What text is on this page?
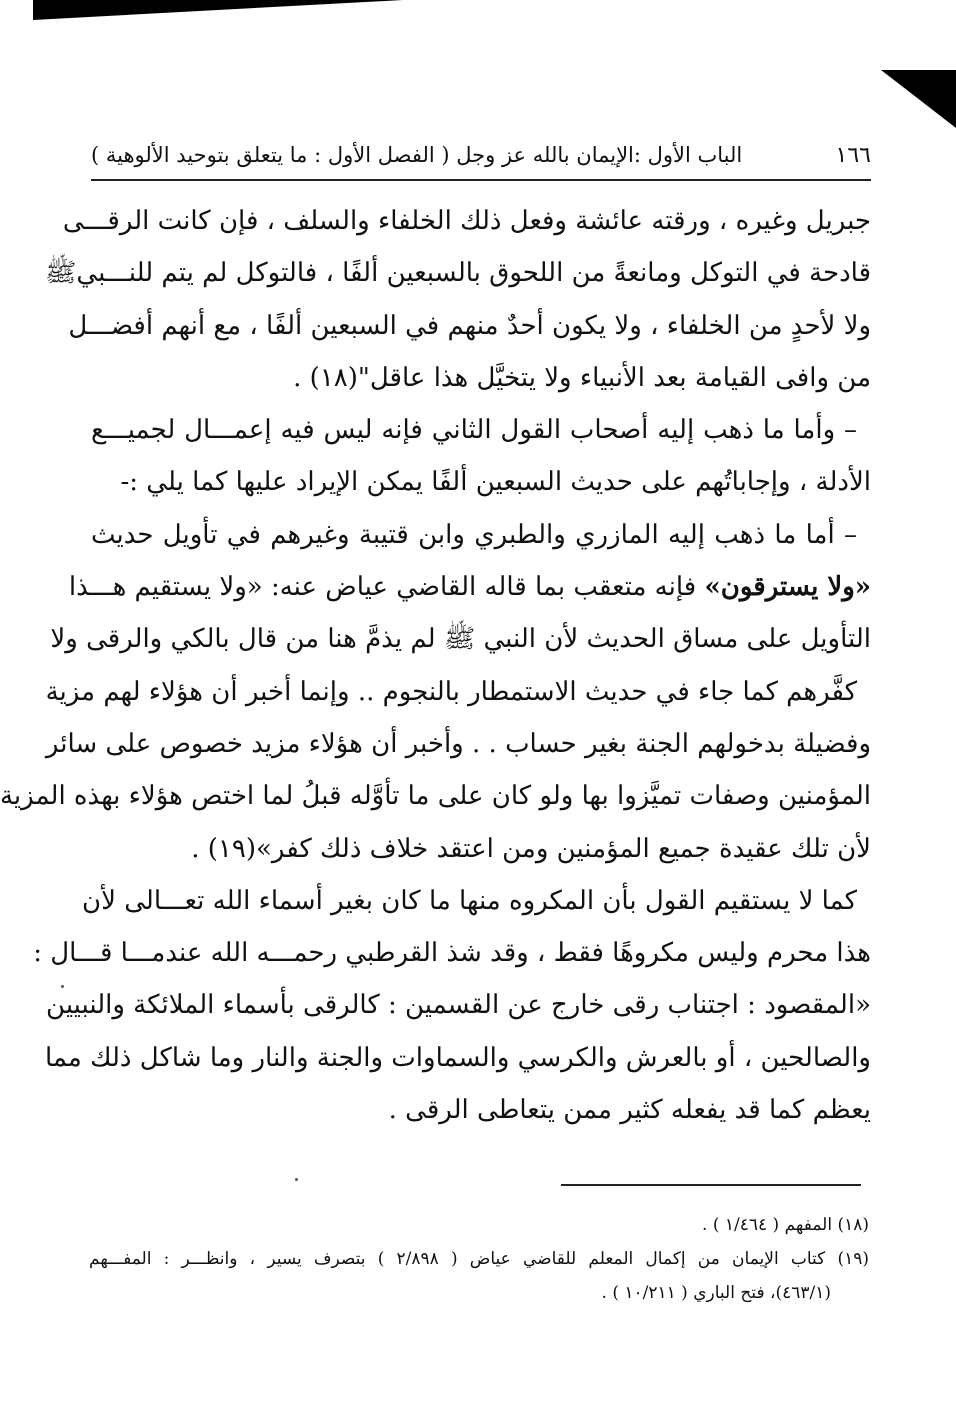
١٦٦
الباب الأول :الإيمان بالله عز وجل ( الفصل الأول : ما يتعلق بتوحيد الألوهية )
جبريل وغيره ، ورقته عائشة وفعل ذلك الخلفاء والسلف ، فإن كانت الرقـــى
قادحة في التوكل ومانعةً من اللحوق بالسبعين ألفًا ، فالتوكل لم يتم للنـــبيﷺ
ولا لأحدٍ من الخلفاء ، ولا يكون أحدٌ منهم في السبعين ألفًا ، مع أنهم أفضـــل
من وافى القيامة بعد الأنبياء ولا يتخيَّل هذا عاقل"(١٨) .
– وأما ما ذهب إليه أصحاب القول الثاني فإنه ليس فيه إعمـــال لجميـــع
الأدلة ، وإجاباتُهم على حديث السبعين ألفًا يمكن الإيراد عليها كما يلي :-
– أما ما ذهب إليه المازري والطبري وابن قتيبة وغيرهم في تأويل حديث
«ولا يسترقون» فإنه متعقب بما قاله القاضي عياض عنه: «ولا يستقيم هـــذا
التأويل على مساق الحديث لأن النبي ﷺ لم يذمَّ هنا من قال بالكي والرقى ولا
كفَّرهم كما جاء في حديث الاستمطار بالنجوم .. وإنما أخبر أن هؤلاء لهم مزية
وفضيلة بدخولهم الجنة بغير حساب . . وأخبر أن هؤلاء مزيد خصوص على سائر
المؤمنين وصفات تميَّزوا بها ولو كان على ما تأوَّله قبلُ لما اختص هؤلاء بهذه المزية
لأن تلك عقيدة جميع المؤمنين ومن اعتقد خلاف ذلك كفر»(١٩) .
كما لا يستقيم القول بأن المكروه منها ما كان بغير أسماء الله تعـــالى لأن
هذا محرم وليس مكروهًا فقط ، وقد شذ القرطبي رحمـــه الله عندمـــا قـــال :
«المقصود : اجتناب رقى خارج عن القسمين : كالرقى بأسماء الملائكة والنبيين
والصالحين ، أو بالعرش والكرسي والسماوات والجنة والنار وما شاكل ذلك مما
يعظم كما قد يفعله كثير ممن يتعاطى الرقى .
(١٨) المفهم ( ١/٤٦٤ ) .
(١٩) كتاب الإيمان من إكمال المعلم للقاضي عياض ( ٢/٨٩٨ ) بتصرف يسير ، وانظـــر : المفـــهم
(٤٦٣/١)، فتح الباري ( ١٠/٢١١ ) .
